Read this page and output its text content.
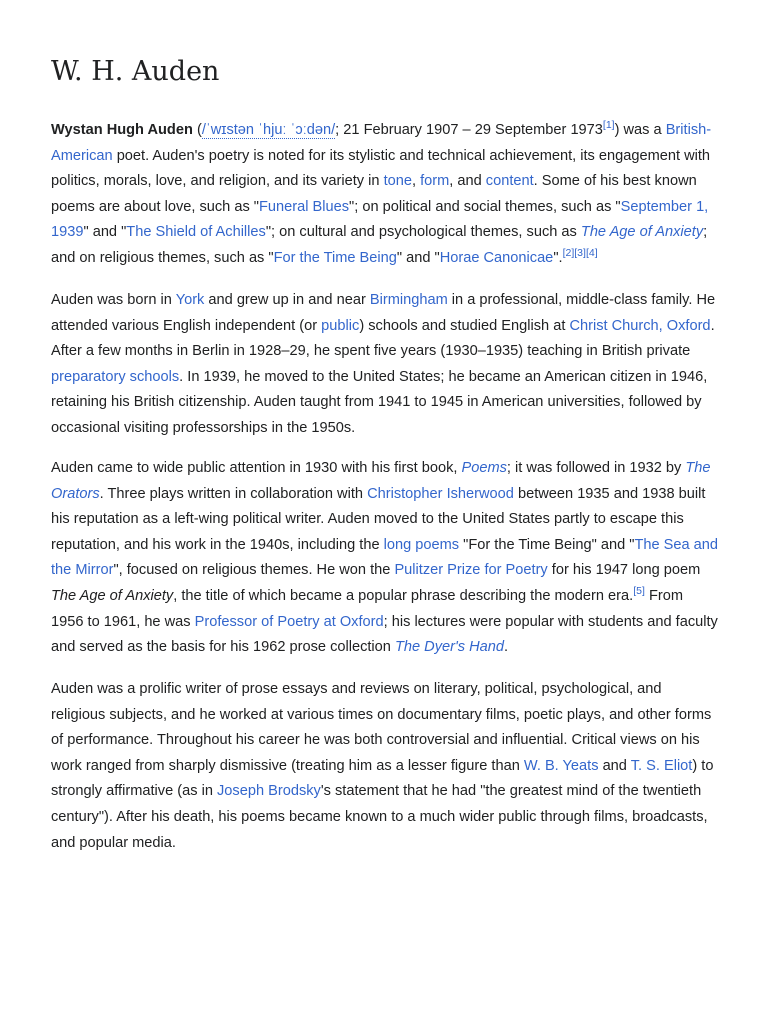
W. H. Auden
Wystan Hugh Auden (/ˈwɪstən ˈhjuː ˈɔːdən/; 21 February 1907 – 29 September 1973[1]) was a British-American poet. Auden's poetry is noted for its stylistic and technical achievement, its engagement with politics, morals, love, and religion, and its variety in tone, form, and content. Some of his best known poems are about love, such as "Funeral Blues"; on political and social themes, such as "September 1, 1939" and "The Shield of Achilles"; on cultural and psychological themes, such as The Age of Anxiety; and on religious themes, such as "For the Time Being" and "Horae Canonicae".[2][3][4]
Auden was born in York and grew up in and near Birmingham in a professional, middle-class family. He attended various English independent (or public) schools and studied English at Christ Church, Oxford. After a few months in Berlin in 1928–29, he spent five years (1930–1935) teaching in British private preparatory schools. In 1939, he moved to the United States; he became an American citizen in 1946, retaining his British citizenship. Auden taught from 1941 to 1945 in American universities, followed by occasional visiting professorships in the 1950s.
Auden came to wide public attention in 1930 with his first book, Poems; it was followed in 1932 by The Orators. Three plays written in collaboration with Christopher Isherwood between 1935 and 1938 built his reputation as a left-wing political writer. Auden moved to the United States partly to escape this reputation, and his work in the 1940s, including the long poems "For the Time Being" and "The Sea and the Mirror", focused on religious themes. He won the Pulitzer Prize for Poetry for his 1947 long poem The Age of Anxiety, the title of which became a popular phrase describing the modern era.[5] From 1956 to 1961, he was Professor of Poetry at Oxford; his lectures were popular with students and faculty and served as the basis for his 1962 prose collection The Dyer's Hand.
Auden was a prolific writer of prose essays and reviews on literary, political, psychological, and religious subjects, and he worked at various times on documentary films, poetic plays, and other forms of performance. Throughout his career he was both controversial and influential. Critical views on his work ranged from sharply dismissive (treating him as a lesser figure than W. B. Yeats and T. S. Eliot) to strongly affirmative (as in Joseph Brodsky's statement that he had "the greatest mind of the twentieth century"). After his death, his poems became known to a much wider public through films, broadcasts, and popular media.
